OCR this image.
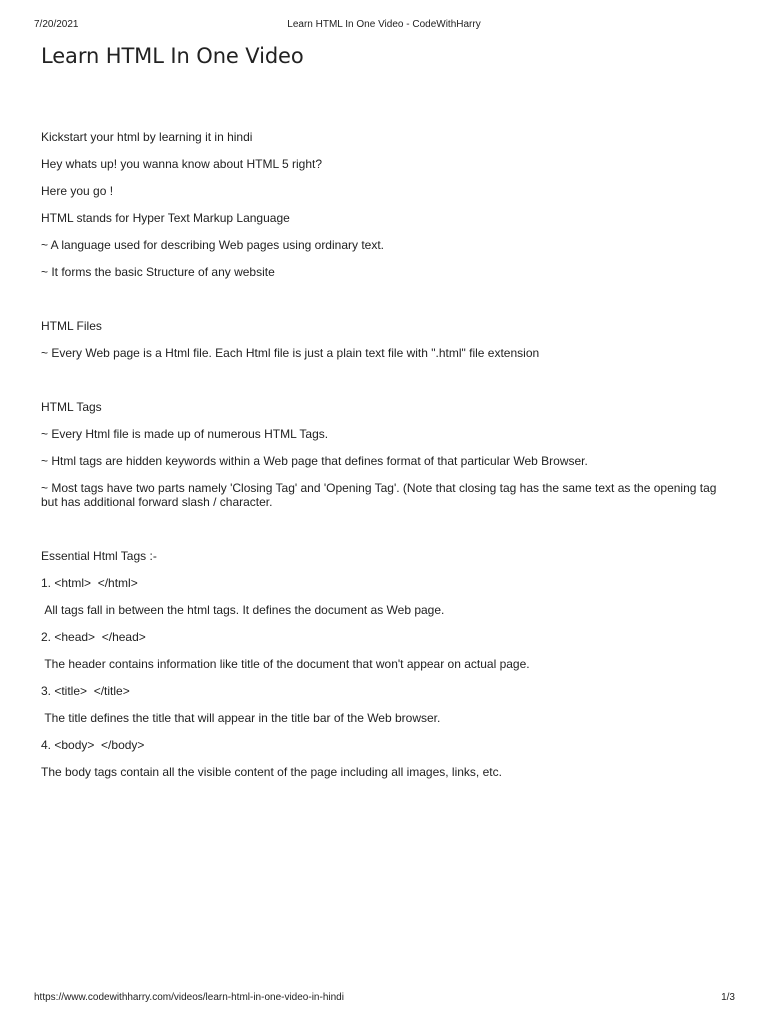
7/20/2021	Learn HTML In One Video - CodeWithHarry
Learn HTML In One Video

Kickstart your html by learning it in hindi

Hey whats up! you wanna know about HTML 5 right?

Here you go !

HTML stands for Hyper Text Markup Language

~ A language used for describing Web pages using ordinary text.

~ It forms the basic Structure of any website

HTML Files

~ Every Web page is a Html file. Each Html file is just a plain text file with ".html" file extension

HTML Tags

~ Every Html file is made up of numerous HTML Tags.

~ Html tags are hidden keywords within a Web page that defines format of that particular Web Browser.

~ Most tags have two parts namely 'Closing Tag' and 'Opening Tag'. (Note that closing tag has the same text as the opening tag but has additional forward slash / character.

Essential Html Tags :-

1. <html>  </html>

All tags fall in between the html tags. It defines the document as Web page.

2. <head>  </head>

The header contains information like title of the document that won't appear on actual page.

3. <title>  </title>

The title defines the title that will appear in the title bar of the Web browser.

4. <body>  </body>

The body tags contain all the visible content of the page including all images, links, etc.

https://www.codewithharry.com/videos/learn-html-in-one-video-in-hindi	1/3
